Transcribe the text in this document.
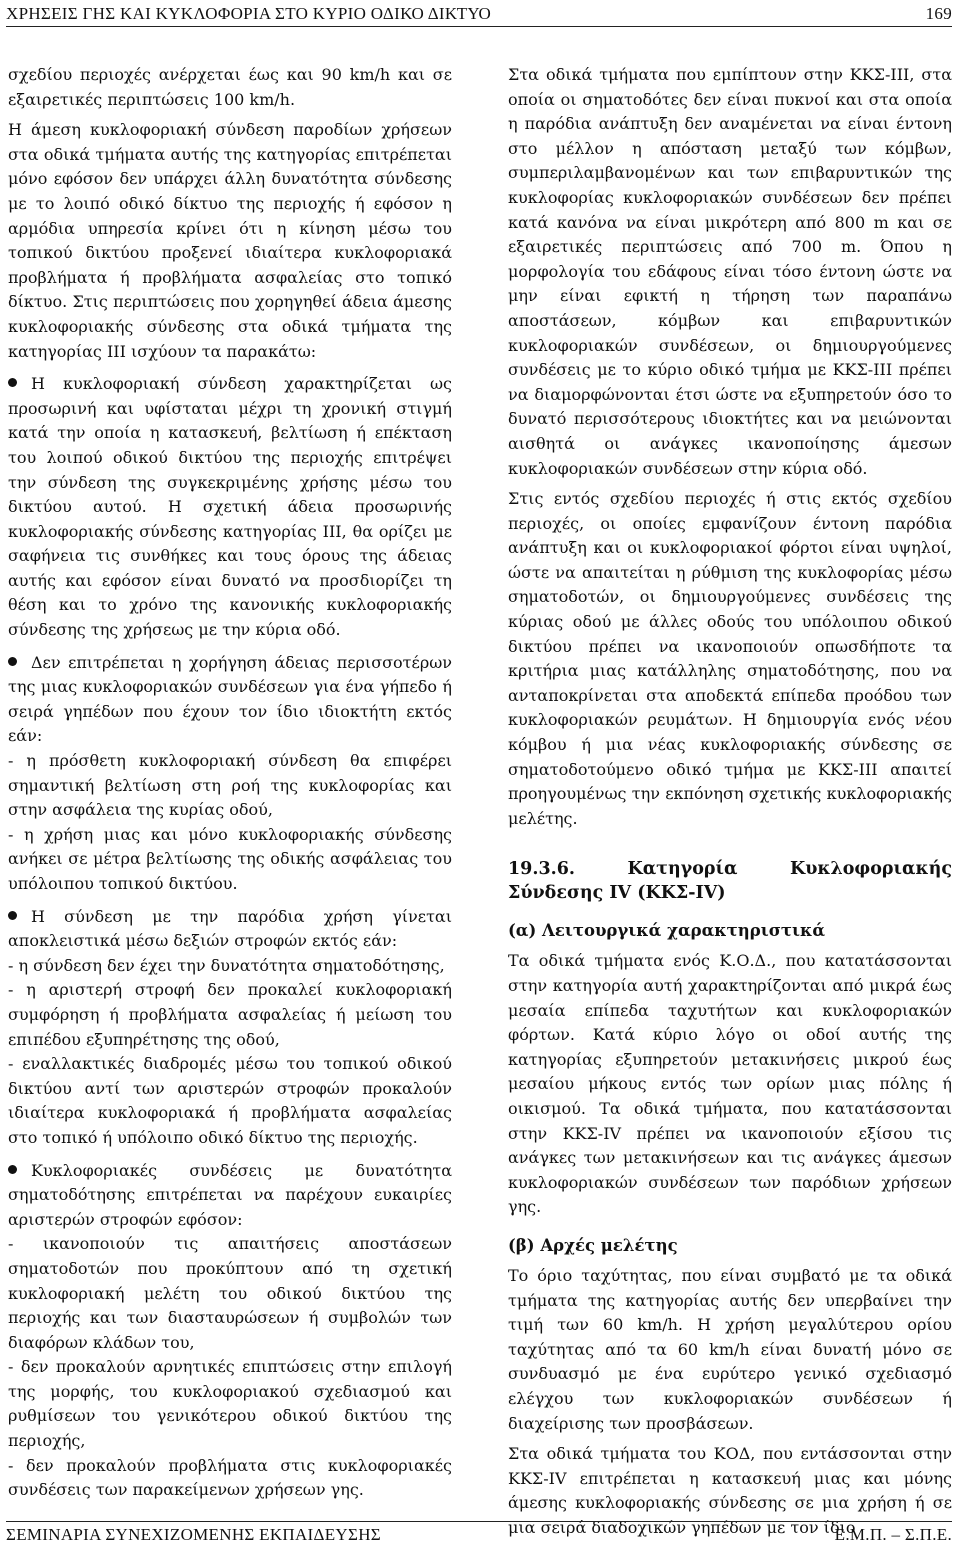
ΧΡΗΣΕΙΣ ΓΗΣ ΚΑΙ ΚΥΚΛΟΦΟΡΙΑ ΣΤΟ ΚΥΡΙΟ ΟΔΙΚΟ ΔΙΚΤΥΟ	169

σχεδίου περιοχές ανέρχεται έως και 90 km/h και σε εξαιρετικές περιπτώσεις 100 km/h.

Η άμεση κυκλοφοριακή σύνδεση παροδίων χρήσεων στα οδικά τμήματα αυτής της κατηγορίας επιτρέπεται μόνο εφόσον δεν υπάρχει άλλη δυνατότητα σύνδεσης με το λοιπό οδικό δίκτυο της περιοχής ή εφόσον η αρμόδια υπηρεσία κρίνει ότι η κίνηση μέσω του τοπικού δικτύου προξενεί ιδιαίτερα κυκλοφοριακά προβλήματα ή προβλήματα ασφαλείας στο τοπικό δίκτυο. Στις περιπτώσεις που χορηγηθεί άδεια άμεσης κυκλοφοριακής σύνδεσης στα οδικά τμήματα της κατηγορίας ΙΙΙ ισχύουν τα παρακάτω:

Η κυκλοφοριακή σύνδεση χαρακτηρίζεται ως προσωρινή και υφίσταται μέχρι τη χρονική στιγμή κατά την οποία η κατασκευή, βελτίωση ή επέκταση του λοιπού οδικού δικτύου της περιοχής επιτρέψει την σύνδεση της συγκεκριμένης χρήσης μέσω του δικτύου αυτού. Η σχετική άδεια προσωρινής κυκλοφοριακής σύνδεσης κατηγορίας ΙΙΙ, θα ορίζει με σαφήνεια τις συνθήκες και τους όρους της άδειας αυτής και εφόσον είναι δυνατό να προσδιορίζει τη θέση και το χρόνο της κανονικής κυκλοφοριακής σύνδεσης της χρήσεως με την κύρια οδό.

Δεν επιτρέπεται η χορήγηση άδειας περισσοτέρων της μιας κυκλοφοριακών συνδέσεων για ένα γήπεδο ή σειρά γηπέδων που έχουν τον ίδιο ιδιοκτήτη εκτός εάν:

- η πρόσθετη κυκλοφοριακή σύνδεση θα επιφέρει σημαντική βελτίωση στη ροή της κυκλοφορίας και στην ασφάλεια της κυρίας οδού,

- η χρήση μιας και μόνο κυκλοφοριακής σύνδεσης ανήκει σε μέτρα βελτίωσης της οδικής ασφάλειας του υπόλοιπου τοπικού δικτύου.

Η σύνδεση με την παρόδια χρήση γίνεται αποκλειστικά μέσω δεξιών στροφών εκτός εάν:

- η σύνδεση δεν έχει την δυνατότητα σηματοδότησης,

- η αριστερή στροφή δεν προκαλεί κυκλοφοριακή συμφόρηση ή προβλήματα ασφαλείας ή μείωση του επιπέδου εξυπηρέτησης της οδού,

- εναλλακτικές διαδρομές μέσω του τοπικού οδικού δικτύου αντί των αριστερών στροφών προκαλούν ιδιαίτερα κυκλοφοριακά ή προβλήματα ασφαλείας στο τοπικό ή υπόλοιπο οδικό δίκτυο της περιοχής.

Κυκλοφοριακές συνδέσεις με δυνατότητα σηματοδότησης επιτρέπεται να παρέχουν ευκαιρίες αριστερών στροφών εφόσον:

- ικανοποιούν τις απαιτήσεις αποστάσεων σηματοδοτών που προκύπτουν από τη σχετική κυκλοφοριακή μελέτη του οδικού δικτύου της περιοχής και των διασταυρώσεων ή συμβολών των διαφόρων κλάδων του,

- δεν προκαλούν αρνητικές επιπτώσεις στην επιλογή της μορφής, του κυκλοφοριακού σχεδιασμού και ρυθμίσεων του γενικότερου οδικού δικτύου της περιοχής,

- δεν προκαλούν προβλήματα στις κυκλοφοριακές συνδέσεις των παρακείμενων χρήσεων γης.

Στα οδικά τμήματα που εμπίπτουν στην ΚΚΣ-ΙΙΙ, στα οποία οι σηματοδότες δεν είναι πυκνοί και στα οποία η παρόδια ανάπτυξη δεν αναμένεται να είναι έντονη στο μέλλον η απόσταση μεταξύ των κόμβων, συμπεριλαμβανομένων και των επιβαρυντικών της κυκλοφορίας κυκλοφοριακών συνδέσεων δεν πρέπει κατά κανόνα να είναι μικρότερη από 800 m και σε εξαιρετικές περιπτώσεις από 700 m. Όπου η μορφολογία του εδάφους είναι τόσο έντονη ώστε να μην είναι εφικτή η τήρηση των παραπάνω αποστάσεων, κόμβων και επιβαρυντικών κυκλοφοριακών συνδέσεων, οι δημιουργούμενες συνδέσεις με το κύριο οδικό τμήμα με ΚΚΣ-ΙΙΙ πρέπει να διαμορφώνονται έτσι ώστε να εξυπηρετούν όσο το δυνατό περισσότερους ιδιοκτήτες και να μειώνονται αισθητά οι ανάγκες ικανοποίησης άμεσων κυκλοφοριακών συνδέσεων στην κύρια οδό.

Στις εντός σχεδίου περιοχές ή στις εκτός σχεδίου περιοχές, οι οποίες εμφανίζουν έντονη παρόδια ανάπτυξη και οι κυκλοφοριακοί φόρτοι είναι υψηλοί, ώστε να απαιτείται η ρύθμιση της κυκλοφορίας μέσω σηματοδοτών, οι δημιουργούμενες συνδέσεις της κύριας οδού με άλλες οδούς του υπόλοιπου οδικού δικτύου πρέπει να ικανοποιούν οπωσδήποτε τα κριτήρια μιας κατάλληλης σηματοδότησης, που να ανταποκρίνεται στα αποδεκτά επίπεδα προόδου των κυκλοφοριακών ρευμάτων. Η δημιουργία ενός νέου κόμβου ή μια νέας κυκλοφοριακής σύνδεσης σε σηματοδοτούμενο οδικό τμήμα με ΚΚΣ-ΙΙΙ απαιτεί προηγουμένως την εκπόνηση σχετικής κυκλοφοριακής μελέτης.

19.3.6. Κατηγορία Κυκλοφοριακής Σύνδεσης IV (ΚΚΣ-ΙV)
(α) Λειτουργικά χαρακτηριστικά

Τα οδικά τμήματα ενός Κ.Ο.Δ., που κατατάσσονται στην κατηγορία αυτή χαρακτηρίζονται από μικρά έως μεσαία επίπεδα ταχυτήτων και κυκλοφοριακών φόρτων. Κατά κύριο λόγο οι οδοί αυτής της κατηγορίας εξυπηρετούν μετακινήσεις μικρού έως μεσαίου μήκους εντός των ορίων μιας πόλης ή οικισμού. Τα οδικά τμήματα, που κατατάσσονται στην ΚΚΣ-ΙV πρέπει να ικανοποιούν εξίσου τις ανάγκες των μετακινήσεων και τις ανάγκες άμεσων κυκλοφοριακών συνδέσεων των παρόδιων χρήσεων γης.

(β) Αρχές μελέτης

Το όριο ταχύτητας, που είναι συμβατό με τα οδικά τμήματα της κατηγορίας αυτής δεν υπερβαίνει την τιμή των 60 km/h. Η χρήση μεγαλύτερου ορίου ταχύτητας από τα 60 km/h είναι δυνατή μόνο σε συνδυασμό με ένα ευρύτερο γενικό σχεδιασμό ελέγχου των κυκλοφοριακών συνδέσεων ή διαχείρισης των προσβάσεων.

Στα οδικά τμήματα του ΚΟΔ, που εντάσσονται στην ΚΚΣ-ΙV επιτρέπεται η κατασκευή μιας και μόνης άμεσης κυκλοφοριακής σύνδεσης σε μια χρήση ή σε μια σειρά διαδοχικών γηπέδων με τον ίδιο

ΣΕΜΙΝΑΡΙΑ ΣΥΝΕΧΙΖΟΜΕΝΗΣ ΕΚΠΑΙΔΕΥΣΗΣ	Ε.Μ.Π. – Σ.Π.Ε.
